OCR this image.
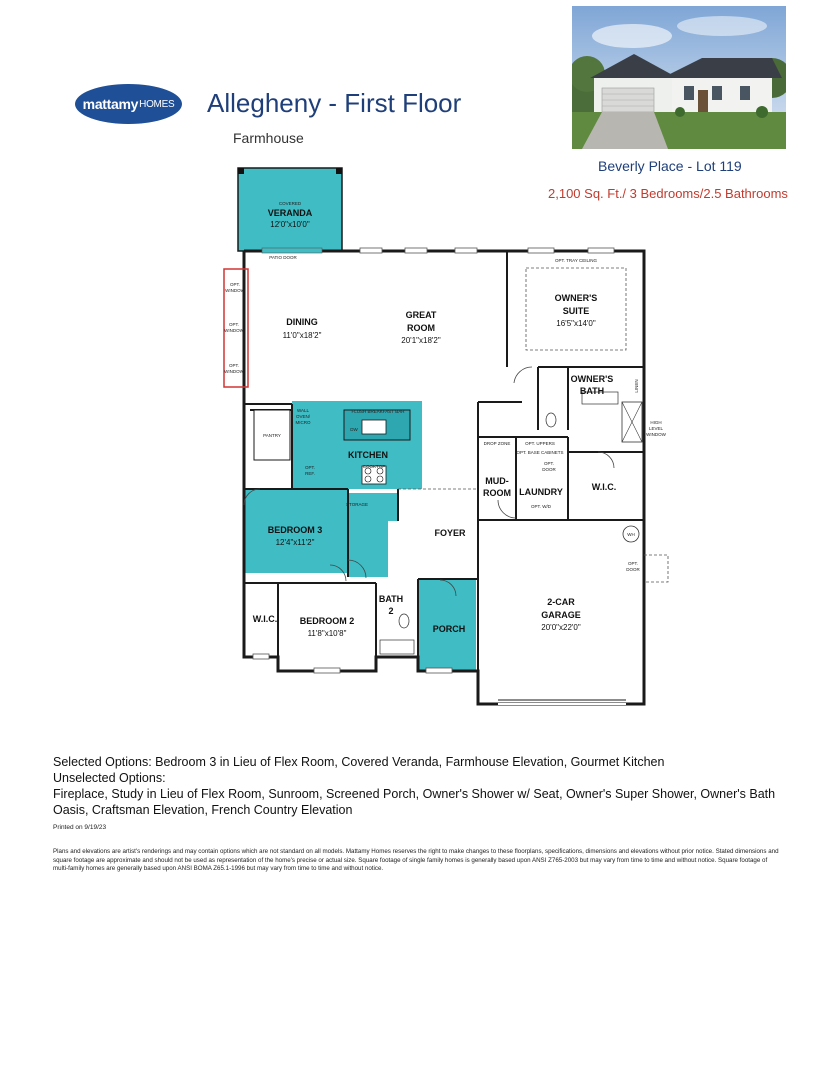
mattamy HOMES Allegheny - First Floor
Farmhouse
Beverly Place - Lot 119
2,100 Sq. Ft./ 3 Bedrooms/2.5 Bathrooms
COVERED
VERANDA
12'0"x10'0"
PATIO DOOR
OPT.
WINDOW
OPT.
WINDOW
OPT.
WINDOW
DINING
11'0"x18'2"
GREAT
ROOM
20'1"x18'2"
OPT. TRAY CEILING
OWNER'S
SUITE
16'5"x14'0"
OWNER'S
BATH	LINEN
HIGH
LEVEL
WINDOW
FLUSH BREAKFAST BAR
DW
KITCHEN
COOKTOP
WALL
OVEN/
MICRO
OPT.
REF.
PANTRY
STORAGE
BEDROOM 3
12'4"x11'2"
BEDROOM 2
11'8"x10'8"
W.I.C.
BATH
2
FOYER
PORCH
DROP ZONE
MUD-
ROOM
OPT. UPPERS
OPT. BASE CABINETS
OPT.
DOOR
LAUNDRY
OPT. W/D
W.I.C.
WH
OPT.
DOOR
2-CAR
GARAGE
20'0"x22'0"
Selected Options: Bedroom 3 in Lieu of Flex Room, Covered Veranda, Farmhouse Elevation, Gourmet Kitchen
Unselected Options:
Fireplace, Study in Lieu of Flex Room, Sunroom, Screened Porch, Owner's Shower w/ Seat, Owner's Super Shower, Owner's Bath Oasis, Craftsman Elevation, French Country Elevation
Printed on 9/19/23
Plans and elevations are artist's renderings and may contain options which are not standard on all models. Mattamy Homes reserves the right to make changes to these floorplans, specifications, dimensions and elevations without prior notice. Stated dimensions and square footage are approximate and should not be used as representation of the home's precise or actual size. Square footage of single family homes is generally based upon ANSI Z765-2003 but may vary from time to time and without notice. Square footage of multi-family homes are generally based upon ANSI BOMA Z65.1-1996 but may vary from time to time and without notice.
